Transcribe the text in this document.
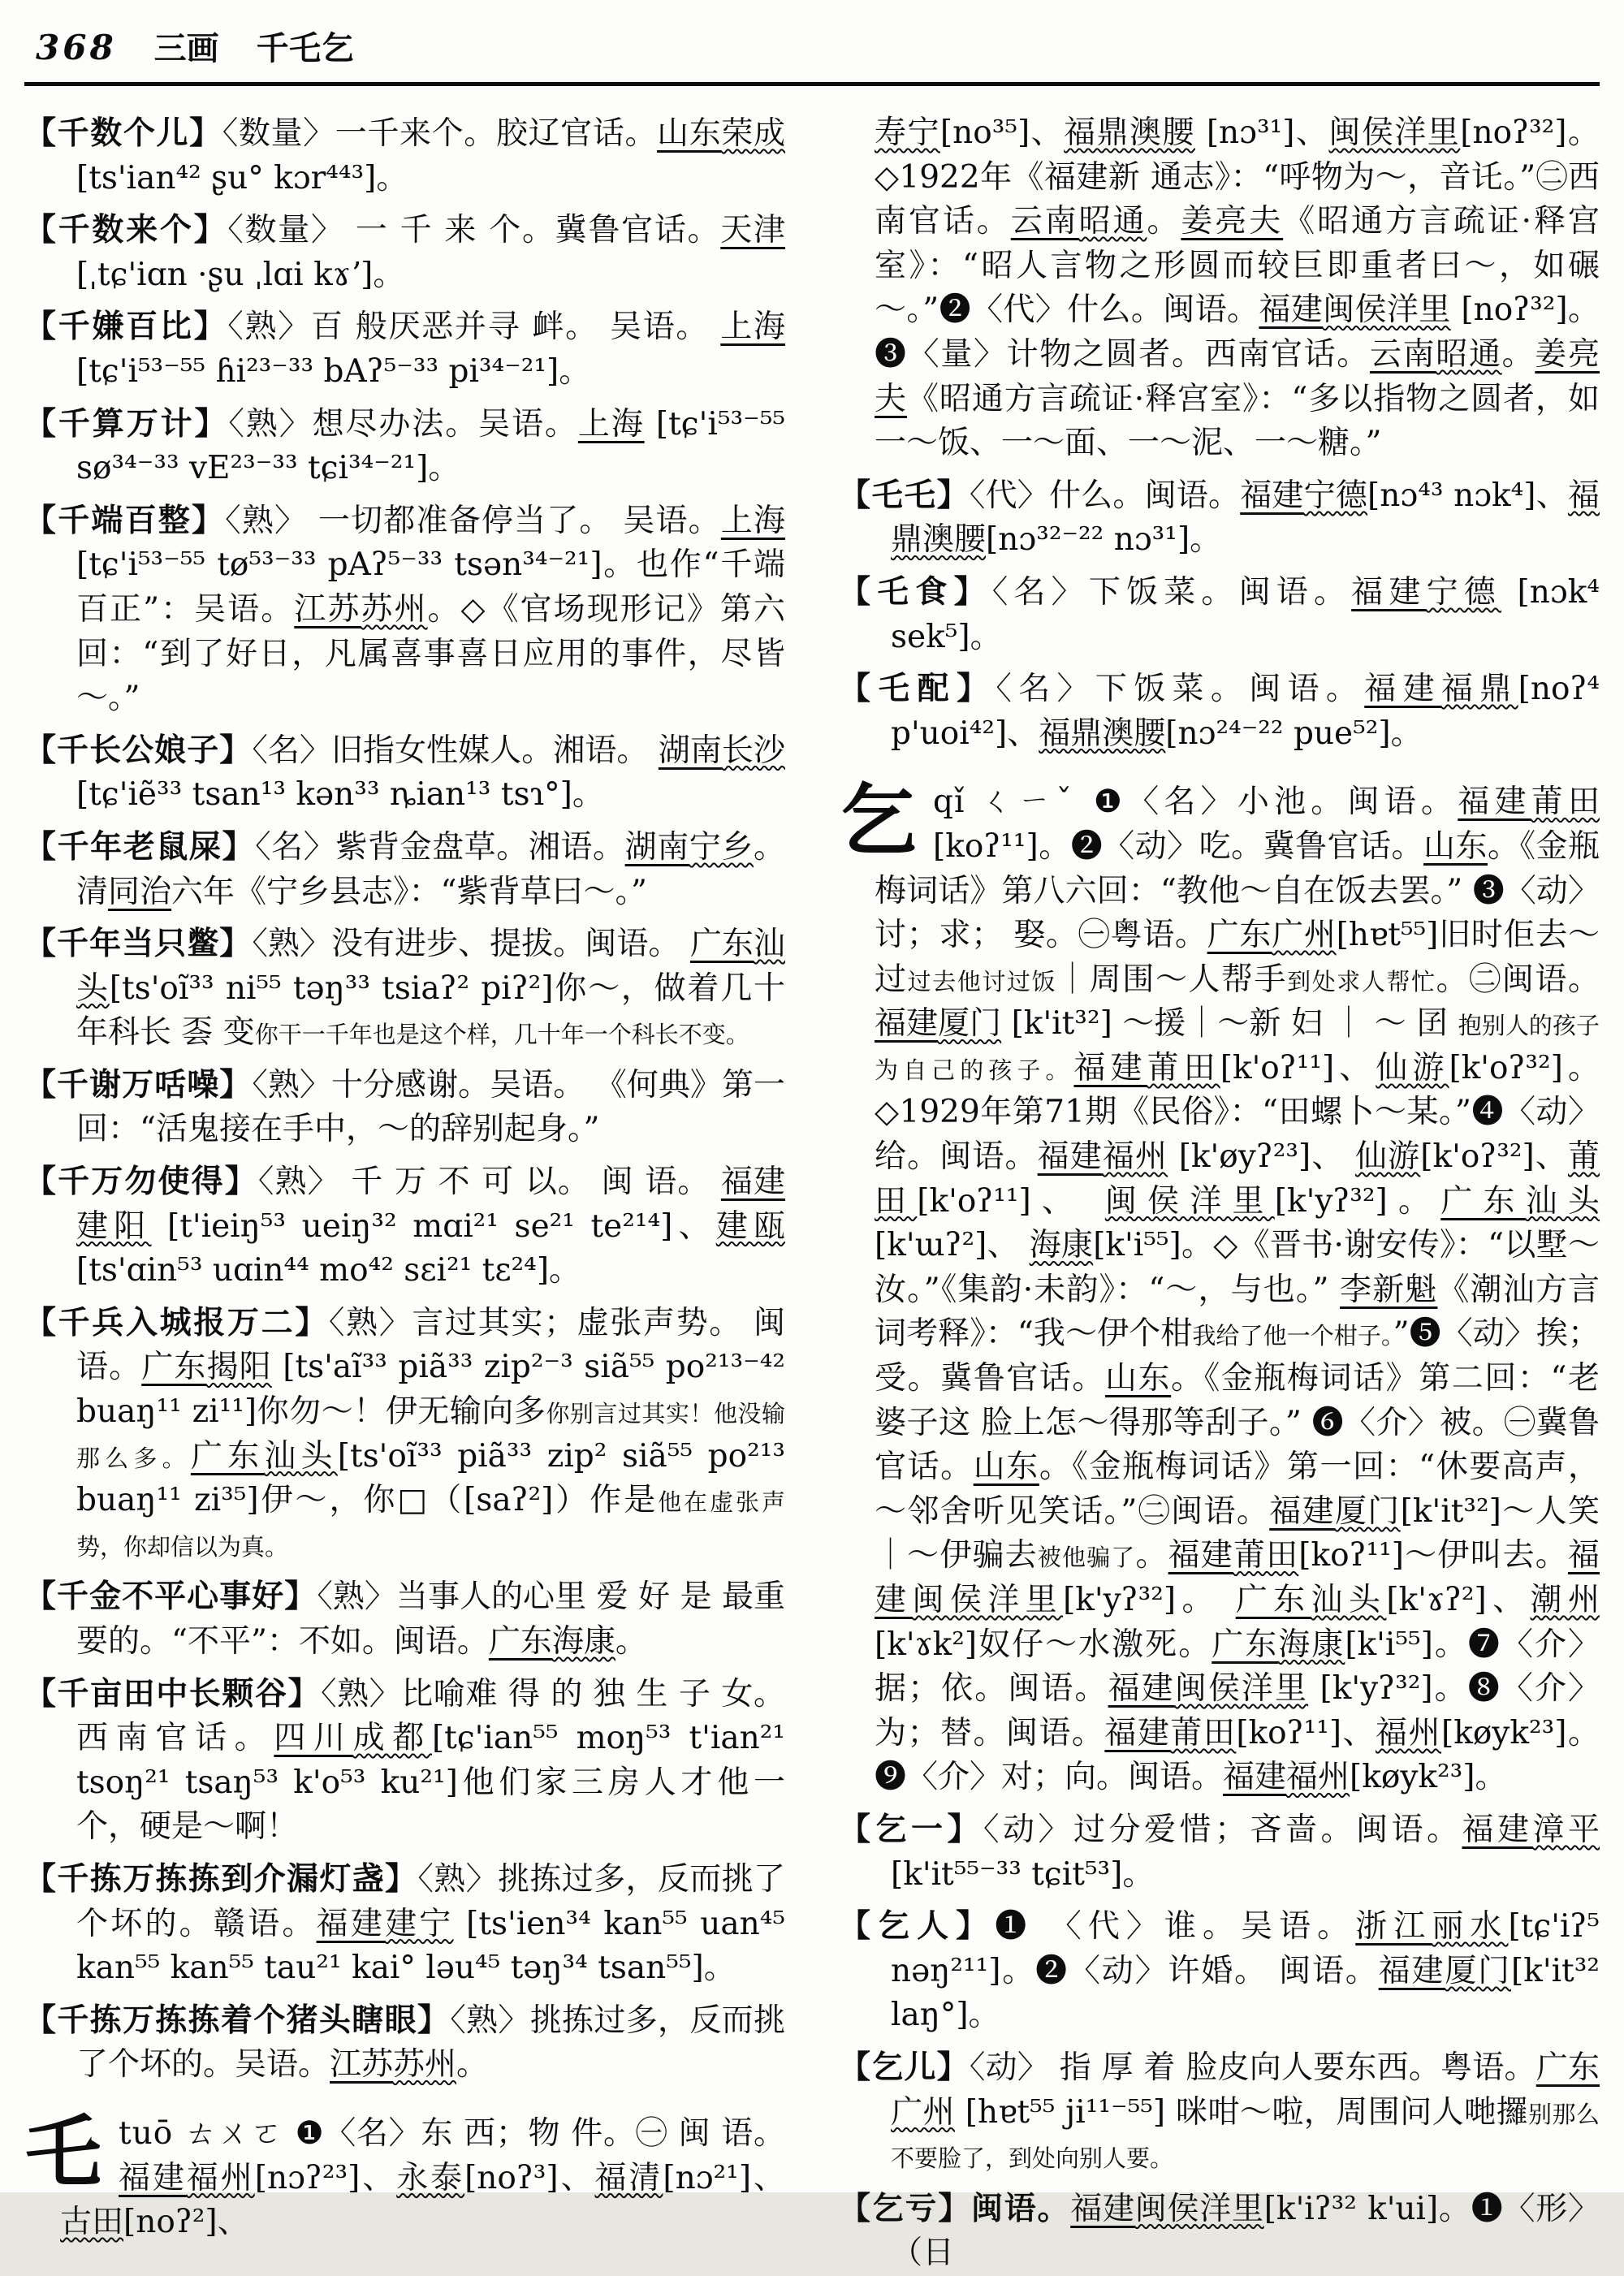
368 三画 千乇乞
【千数个儿】〈数量〉一千来个。胶辽官话。山东荣成[ts'ian⁴² ʂu° kɔr⁴⁴³]。
【千数来个】〈数量〉 一 千 来 个。冀鲁官话。天津[ˌtɕ'iɑn ·ʂu ˌlɑi kɤʼ]。
【千嫌百比】〈熟〉百 般厌恶并寻 衅。 吴语。 上海[tɕ'i⁵³⁻⁵⁵ ɦi²³⁻³³ bAʔ⁵⁻³³ pi³⁴⁻²¹]。
【千算万计】〈熟〉想尽办法。吴语。上海 [tɕ'i⁵³⁻⁵⁵ sø³⁴⁻³³ vE²³⁻³³ tɕi³⁴⁻²¹]。
【千端百整】〈熟〉 一切都准备停当了。 吴语。上海[tɕ'i⁵³⁻⁵⁵ tø⁵³⁻³³ pAʔ⁵⁻³³ tsən³⁴⁻²¹]。也作“千端百正”：吴语。江苏苏州。◇《官场现形记》第六回：“到了好日，凡属喜事喜日应用的事件，尽皆～。”
【千长公娘子】〈名〉旧指女性媒人。湘语。 湖南长沙[tɕ'iẽ³³ tsan¹³ kən³³ ȵian¹³ tsɿ°]。
【千年老鼠屎】〈名〉紫背金盘草。湘语。湖南宁乡。清同治六年《宁乡县志》：“紫背草曰～。”
【千年当只鳖】〈熟〉没有进步、提拔。闽语。 广东汕头[ts'oĩ³³ ni⁵⁵ təŋ³³ tsiaʔ² piʔ²]你～，做着几十年科长 𠀾 变你干一千年也是这个样，几十年一个科长不变。
【千谢万咶噪】〈熟〉十分感谢。吴语。 《何典》第一回：“活鬼接在手中，～的辞别起身。”
【千万勿使得】〈熟〉 千 万 不 可 以。 闽 语。 福建建阳 [t'ieiŋ⁵³ ueiŋ³² mɑi²¹ se²¹ te²¹⁴]、建瓯[ts'ɑin⁵³ uɑin⁴⁴ mo⁴² sεi²¹ tε²⁴]。
【千兵入城报万二】〈熟〉言过其实；虚张声势。 闽语。广东揭阳 [ts'aĩ³³ piã³³ zip²⁻³ siã⁵⁵ po²¹³⁻⁴² buaŋ¹¹ zi¹¹]你勿～！伊无输向多你别言过其实！他没输那么多。广东汕头[ts'oĩ³³ piã³³ zip² siã⁵⁵ po²¹³ buaŋ¹¹ zi³⁵]伊～，你□（[saʔ²]）作是他在虚张声势，你却信以为真。
【千金不平心事好】〈熟〉当事人的心里 爱 好 是 最重要的。“不平”：不如。闽语。广东海康。
【千亩田中长颗谷】〈熟〉比喻难 得 的 独 生 子 女。西南官话。四川成都[tɕ'ian⁵⁵ moŋ⁵³ t'ian²¹ tsoŋ²¹ tsaŋ⁵³ k'o⁵³ ku²¹]他们家三房人才他一个，硬是～啊！
【千拣万拣拣到介漏灯盏】〈熟〉挑拣过多，反而挑了个坏的。赣语。福建建宁 [ts'ien³⁴ kan⁵⁵ uan⁴⁵ kan⁵⁵ kan⁵⁵ tau²¹ kai° ləu⁴⁵ təŋ³⁴ tsan⁵⁵]。
【千拣万拣拣着个猪头瞎眼】〈熟〉挑拣过多，反而挑了个坏的。吴语。江苏苏州。
乇tuō ㄊㄨㄛ ❶〈名〉东 西；物 件。㊀ 闽 语。 福建福州[nɔʔ²³]、永泰[noʔ³]、福清[nɔ²¹]、古田[noʔ²]、
寿宁[no³⁵]、福鼎澳腰 [nɔ³¹]、闽侯洋里[noʔ³²]。◇1922年《福建新 通志》：“呼物为～，音讬。”㊁西南官话。云南昭通。姜亮夫《昭通方言疏证·释宫室》：“昭人言物之形圆而较巨即重者曰～，如碾～。”❷〈代〉什么。闽语。福建闽侯洋里 [noʔ³²]。 ❸〈量〉计物之圆者。西南官话。云南昭通。姜亮夫《昭通方言疏证·释宫室》：“多以指物之圆者，如一～饭、一～面、一～泥、一～糖。”
【乇乇】〈代〉什么。闽语。福建宁德[nɔ⁴³ nɔk⁴]、福鼎澳腰[nɔ³²⁻²² nɔ³¹]。
【乇食】〈名〉下饭菜。闽语。福建宁德 [nɔk⁴ sek⁵]。
【乇配】〈名〉下饭菜。闽语。福建福鼎[noʔ⁴ p'uoi⁴²]、福鼎澳腰[nɔ²⁴⁻²² pue⁵²]。
乞qǐ ㄑㄧˇ ❶〈名〉小池。闽语。福建莆田[koʔ¹¹]。❷〈动〉吃。冀鲁官话。山东。《金瓶梅词话》第八六回：“教他～自在饭去罢。” ❸〈动〉讨；求； 娶。㊀粤语。广东广州[hɐt⁵⁵]旧时佢去～过过去他讨过饭｜周围～人帮手到处求人帮忙。㊁闽语。福建厦门 [k'it³²] ～援｜～新 妇 ｜ ～ 囝 抱别人的孩子为自己的孩子。福建莆田[k'oʔ¹¹]、仙游[k'oʔ³²]。◇1929年第71期《民俗》：“田螺卜～某。”❹〈动〉给。闽语。福建福州 [k'øyʔ²³]、 仙游[k'oʔ³²]、莆田[k'oʔ¹¹]、 闽侯洋里[k'yʔ³²]。广东汕头[k'ɯʔ²]、 海康[k'i⁵⁵]。◇《晋书·谢安传》：“以墅～汝。”《集韵·未韵》：“～，与也。” 李新魁《潮汕方言词考释》：“我～伊个柑我给了他一个柑子。”❺〈动〉挨；受。冀鲁官话。山东。《金瓶梅词话》第二回：“老婆子这 脸上怎～得那等刮子。” ❻〈介〉被。㊀冀鲁官话。山东。《金瓶梅词话》第一回：“休要高声，～邻舍听见笑话。”㊁闽语。福建厦门[k'it³²]～人笑｜～伊骗去被他骗了。福建莆田[koʔ¹¹]～伊叫去。福建闽侯洋里[k'yʔ³²]。 广东汕头[k'ɤʔ²]、潮州 [k'ɤk²]奴仔～水激死。广东海康[k'i⁵⁵]。❼〈介〉据；依。闽语。福建闽侯洋里 [k'yʔ³²]。❽〈介〉为；替。闽语。福建莆田[koʔ¹¹]、福州[køyk²³]。❾〈介〉对；向。闽语。福建福州[køyk²³]。
【乞一】〈动〉过分爱惜；吝啬。闽语。福建漳平[k'it⁵⁵⁻³³ tɕit⁵³]。
【乞人】❶ 〈代〉谁。吴语。浙江丽水[tɕ'iʔ⁵ nəŋ²¹¹]。❷〈动〉许婚。 闽语。福建厦门[k'it³² laŋ°]。
【乞儿】〈动〉 指 厚 着 脸皮向人要东西。粤语。广东广州 [hɐt⁵⁵ ji¹¹⁻⁵⁵] 咪咁～啦，周围问人哋攞别那么不要脸了，到处向别人要。
【乞亏】闽语。福建闽侯洋里[k'iʔ³² k'ui]。❶〈形〉（日
